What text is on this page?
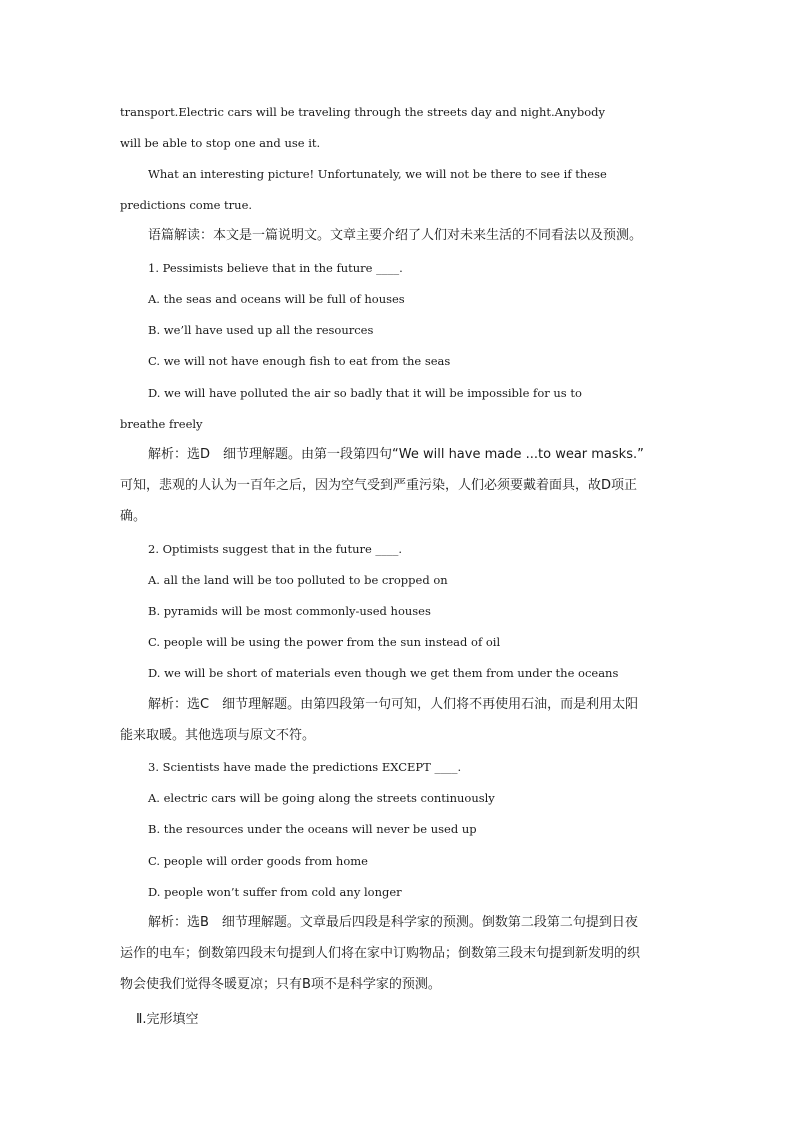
transport.Electric cars will be traveling through the streets day and night.Anybody
will be able to stop one and use it.
What an interesting picture! Unfortunately, we will not be there to see if these
predictions come true.
语篇解读：本文是一篇说明文。文章主要介绍了人们对未来生活的不同看法以及预测。
1. Pessimists believe that in the future ____.
A. the seas and oceans will be full of houses
B. we’ll have used up all the resources
C. we will not have enough fish to eat from the seas
D. we will have polluted the air so badly that it will be impossible for us to
breathe freely
解析：选D　细节理解题。由第一段第四句“We will have made ...to wear masks.”
可知，悲观的人认为一百年之后，因为空气受到严重污染，人们必须要戴着面具，故D项正
确。
2. Optimists suggest that in the future ____.
A. all the land will be too polluted to be cropped on
B. pyramids will be most commonly-used houses
C. people will be using the power from the sun instead of oil
D. we will be short of materials even though we get them from under the oceans
解析：选C　细节理解题。由第四段第一句可知，人们将不再使用石油，而是利用太阳
能来取暖。其他选项与原文不符。
3. Scientists have made the predictions EXCEPT ____.
A. electric cars will be going along the streets continuously
B. the resources under the oceans will never be used up
C. people will order goods from home
D. people won’t suffer from cold any longer
解析：选B　细节理解题。文章最后四段是科学家的预测。倒数第二段第二句提到日夜
运作的电车；倒数第四段末句提到人们将在家中订购物品；倒数第三段末句提到新发明的织
物会使我们觉得冬暖夏凉；只有B项不是科学家的预测。
Ⅱ.完形填空
